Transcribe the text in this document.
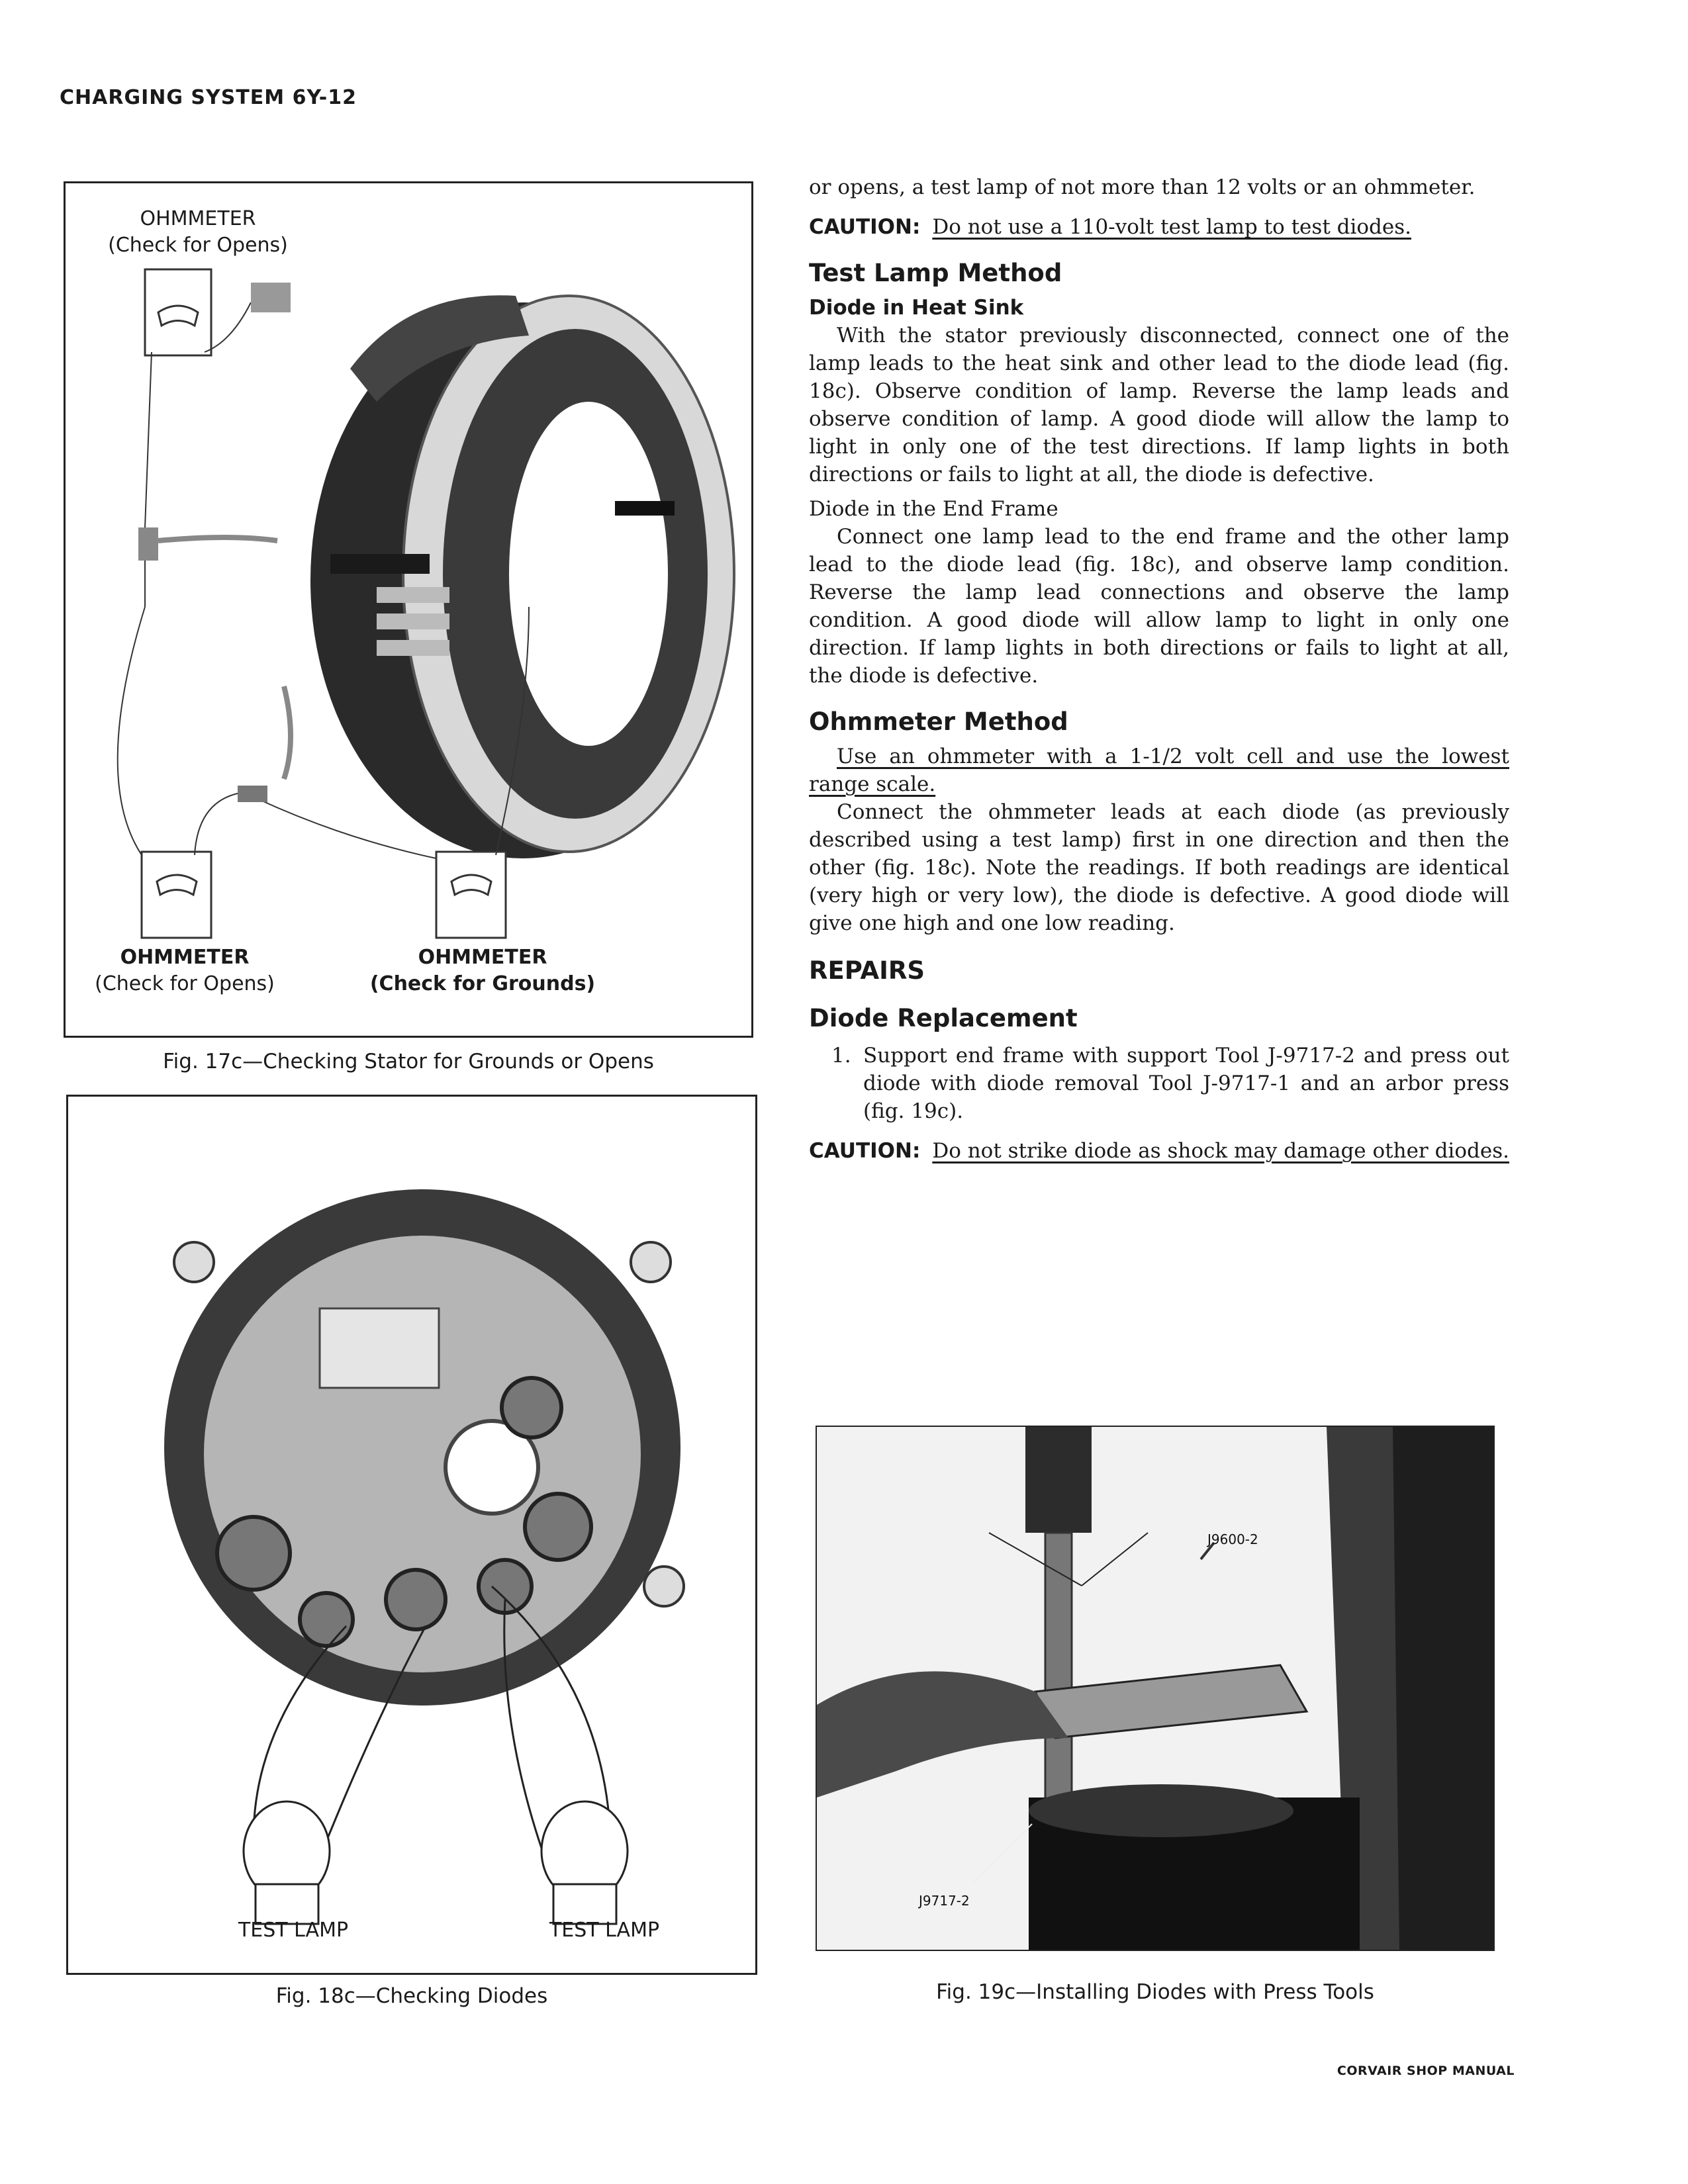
CHARGING SYSTEM 6Y-12
OHMMETER
(Check for Opens)
OHMMETER
(Check for Opens)
OHMMETER
(Check for Grounds)
Fig. 17c—Checking Stator for Grounds or Opens
TEST LAMP	TEST LAMP
Fig. 18c—Checking Diodes
J9600-2
J9717-2
Fig. 19c—Installing Diodes with Press Tools

or opens, a test lamp of not more than 12 volts or an ohmmeter.

CAUTION: Do not use a 110-volt test lamp to test diodes.

Test Lamp Method

Diode in Heat Sink

With the stator previously disconnected, connect one of the lamp leads to the heat sink and other lead to the diode lead (fig. 18c). Observe condition of lamp. Reverse the lamp leads and observe condition of lamp. A good diode will allow the lamp to light in only one of the test directions. If lamp lights in both directions or fails to light at all, the diode is defective.

Diode in the End Frame

Connect one lamp lead to the end frame and the other lamp lead to the diode lead (fig. 18c), and observe lamp condition. Reverse the lamp lead connections and observe the lamp condition. A good diode will allow lamp to light in only one direction. If lamp lights in both directions or fails to light at all, the diode is defective.

Ohmmeter Method

Use an ohmmeter with a 1-1/2 volt cell and use the lowest range scale.

Connect the ohmmeter leads at each diode (as previously described using a test lamp) first in one direction and then the other (fig. 18c). Note the readings. If both readings are identical (very high or very low), the diode is defective. A good diode will give one high and one low reading.

REPAIRS

Diode Replacement

1. Support end frame with support Tool J-9717-2 and press out diode with diode removal Tool J-9717-1 and an arbor press (fig. 19c).

CAUTION: Do not strike diode as shock may damage other diodes.

CORVAIR SHOP MANUAL
